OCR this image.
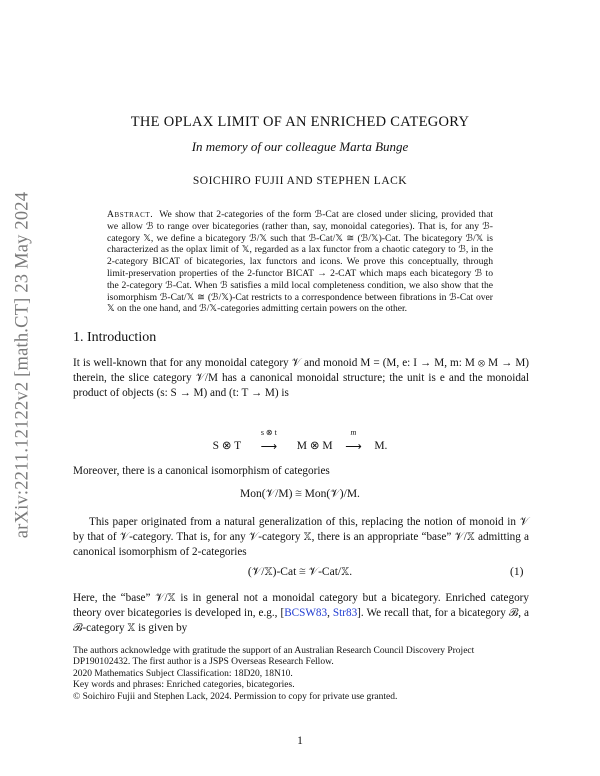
arXiv:2211.12122v2 [math.CT] 23 May 2024
THE OPLAX LIMIT OF AN ENRICHED CATEGORY
In memory of our colleague Marta Bunge
SOICHIRO FUJII AND STEPHEN LACK
Abstract. We show that 2-categories of the form ℬ-Cat are closed under slicing, provided that we allow ℬ to range over bicategories (rather than, say, monoidal categories). That is, for any ℬ-category 𝕏, we define a bicategory ℬ/𝕏 such that ℬ-Cat/𝕏 ≅ (ℬ/𝕏)-Cat. The bicategory ℬ/𝕏 is characterized as the oplax limit of 𝕏, regarded as a lax functor from a chaotic category to ℬ, in the 2-category BICAT of bicategories, lax functors and icons. We prove this conceptually, through limit-preservation properties of the 2-functor BICAT → 2-CAT which maps each bicategory ℬ to the 2-category ℬ-Cat. When ℬ satisfies a mild local completeness condition, we also show that the isomorphism ℬ-Cat/𝕏 ≅ (ℬ/𝕏)-Cat restricts to a correspondence between fibrations in ℬ-Cat over 𝕏 on the one hand, and ℬ/𝕏-categories admitting certain powers on the other.
1. Introduction
It is well-known that for any monoidal category 𝒱 and monoid M = (M, e: I → M, m: M ⊗ M → M) therein, the slice category 𝒱/M has a canonical monoidal structure; the unit is e and the monoidal product of objects (s: S → M) and (t: T → M) is
S ⊗ T
s ⊗ t
⟶ M ⊗ M
m
⟶ M.
Moreover, there is a canonical isomorphism of categories
Mon(𝒱/M) ≅ Mon(𝒱)/M.
This paper originated from a natural generalization of this, replacing the notion of monoid in 𝒱 by that of 𝒱-category. That is, for any 𝒱-category 𝕏, there is an appropriate “base” 𝒱/𝕏 admitting a canonical isomorphism of 2-categories
(𝒱/𝕏)-Cat ≅ 𝒱-Cat/𝕏.	(1)
Here, the “base” 𝒱/𝕏 is in general not a monoidal category but a bicategory. Enriched category theory over bicategories is developed in, e.g., [BCSW83, Str83]. We recall that, for a bicategory ℬ, a ℬ-category 𝕏 is given by
The authors acknowledge with gratitude the support of an Australian Research Council Discovery Project DP190102432. The first author is a JSPS Overseas Research Fellow.
2020 Mathematics Subject Classification: 18D20, 18N10.
Key words and phrases: Enriched categories, bicategories.
© Soichiro Fujii and Stephen Lack, 2024. Permission to copy for private use granted.
1
